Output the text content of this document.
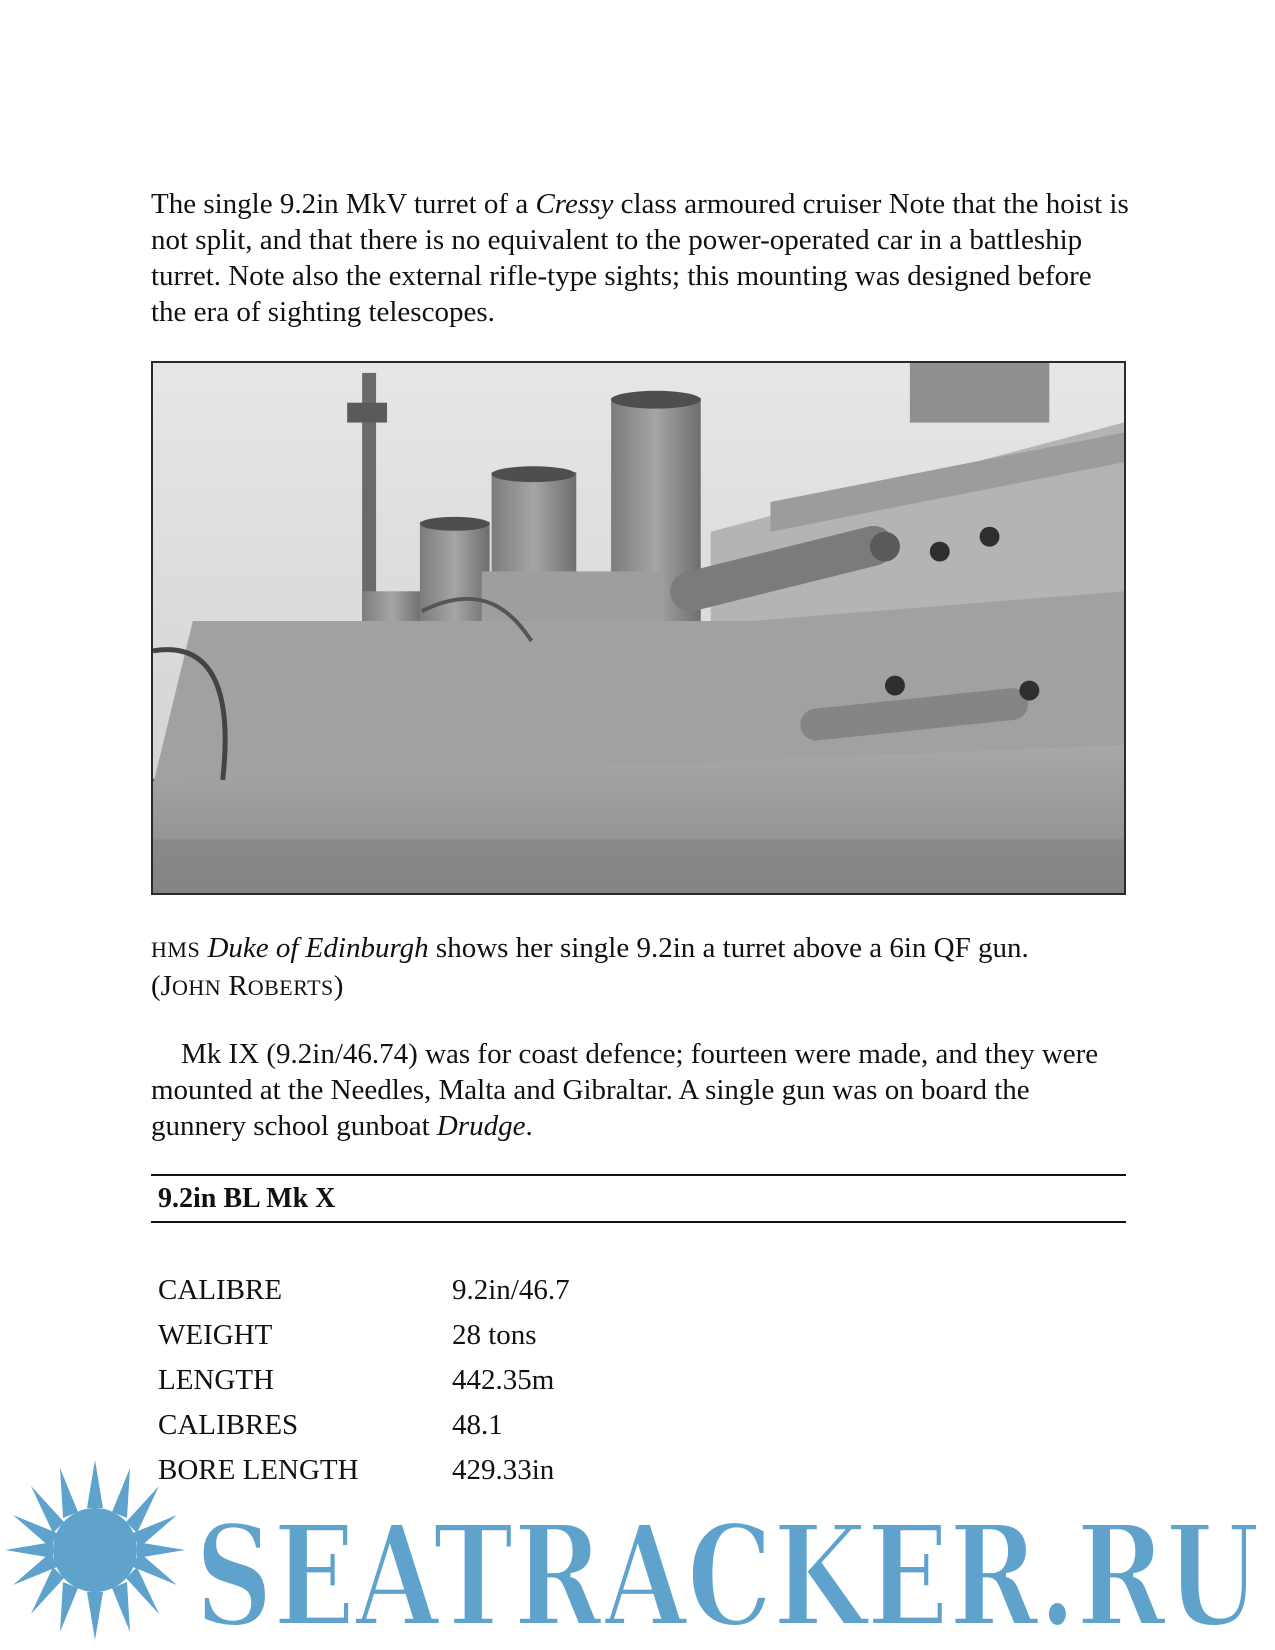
The single 9.2in MkV turret of a Cressy class armoured cruiser Note that the hoist is not split, and that there is no equivalent to the power-operated car in a battleship turret. Note also the external rifle-type sights; this mounting was designed before the era of sighting telescopes.

HMS Duke of Edinburgh shows her single 9.2in a turret above a 6in QF gun.
(JOHN ROBERTS)

Mk IX (9.2in/46.74) was for coast defence; fourteen were made, and they were mounted at the Needles, Malta and Gibraltar. A single gun was on board the gunnery school gunboat Drudge.

9.2in BL Mk X
CALIBRE	9.2in/46.7
WEIGHT	28 tons
LENGTH	442.35m
CALIBRES	48.1
BORE LENGTH	429.33in
SEATRACKER.RU
